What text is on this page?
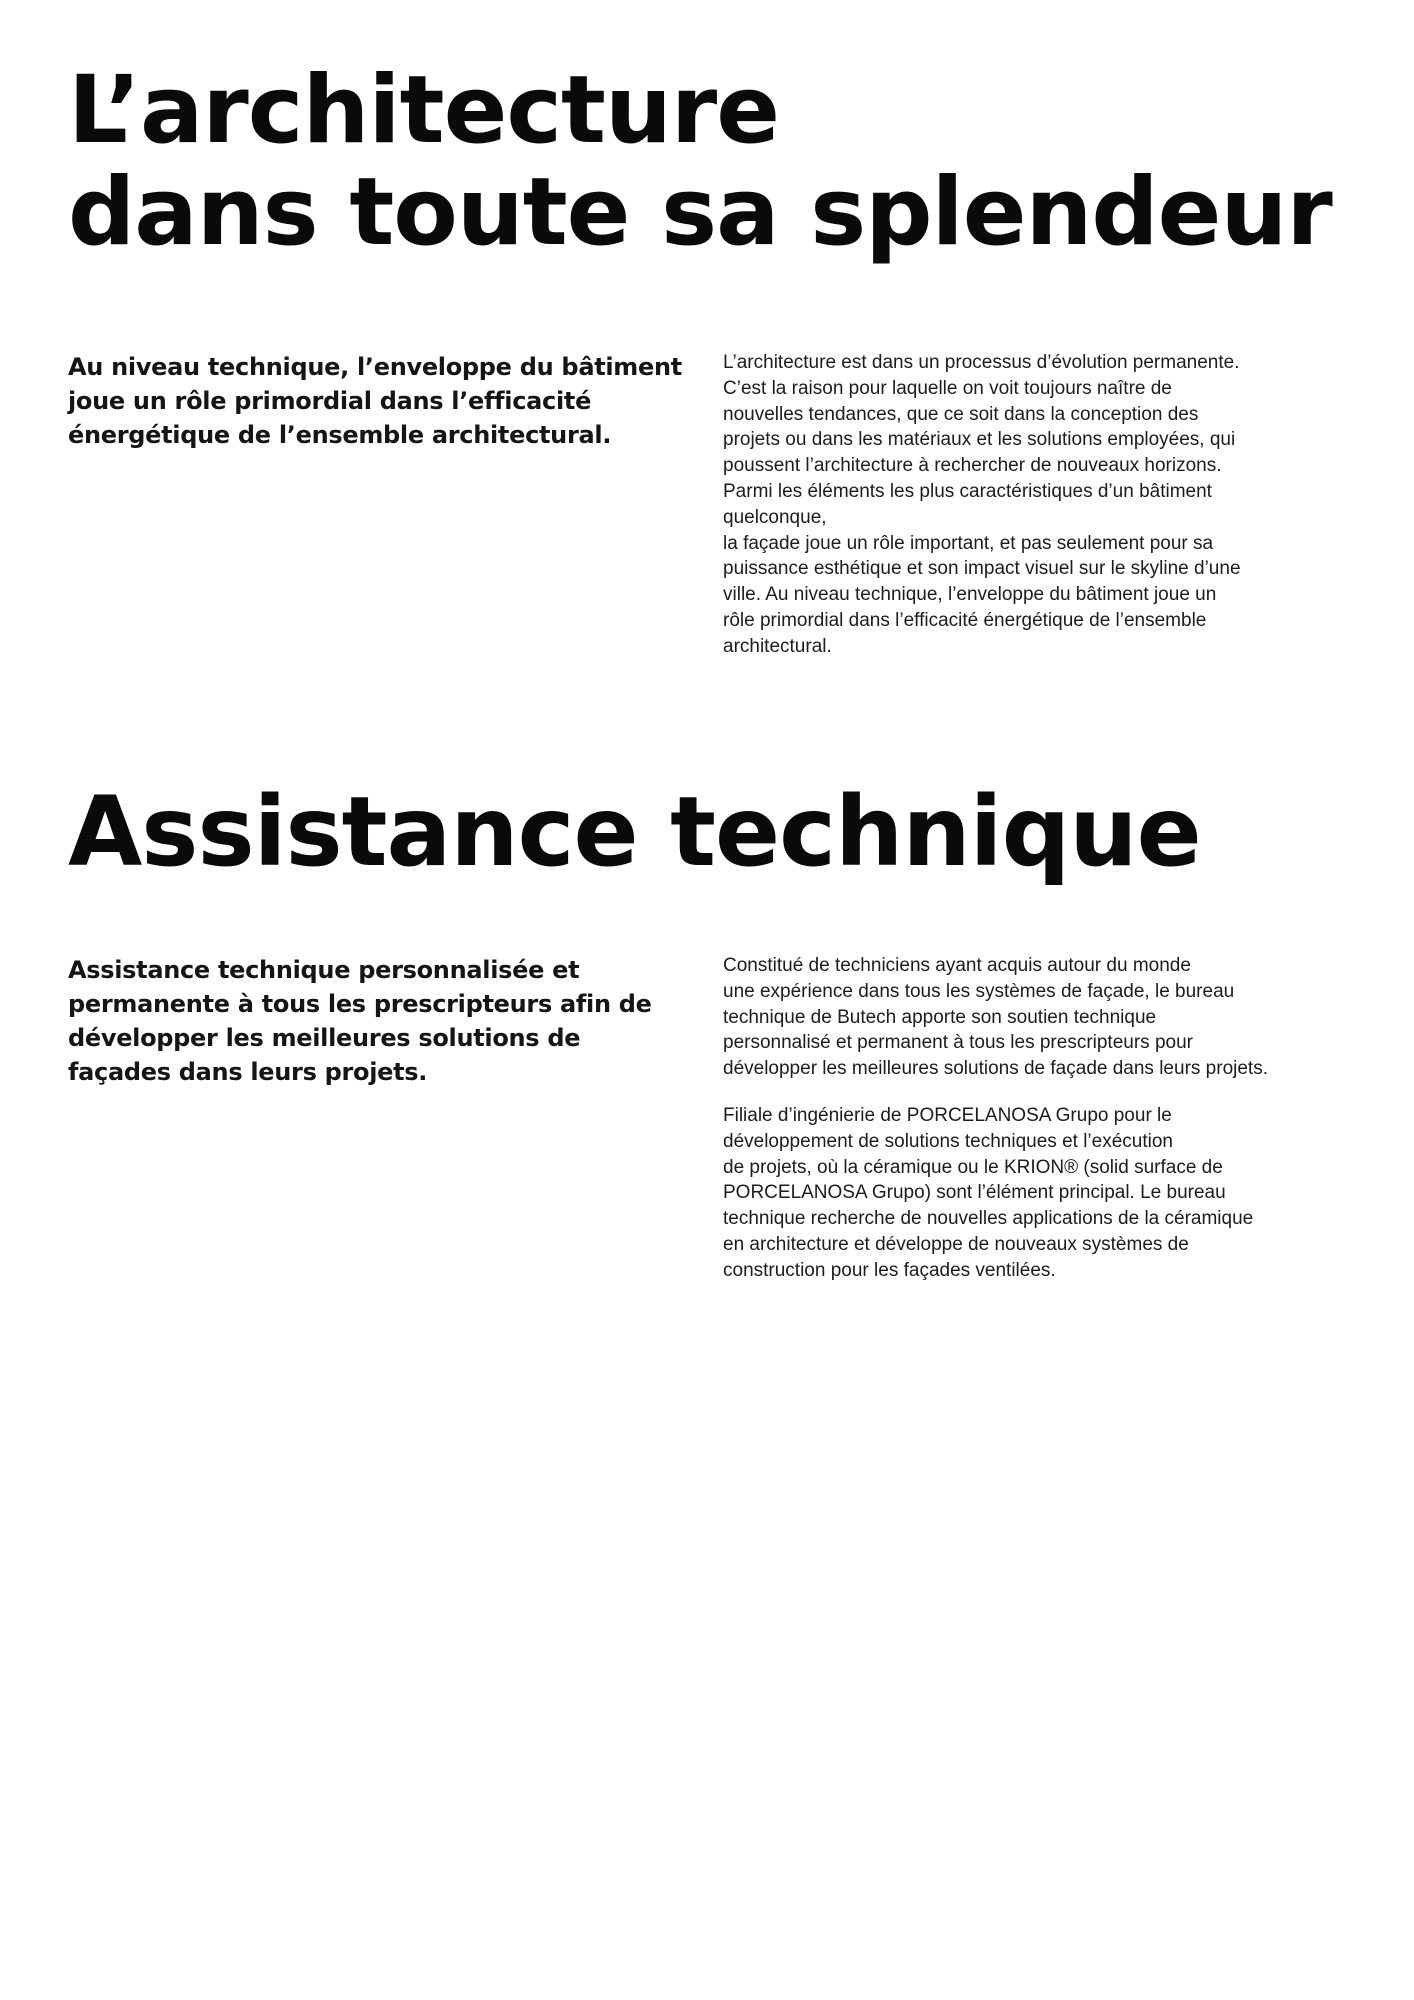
L’architecture
dans toute sa splendeur
Au niveau technique, l’enveloppe du bâtiment
joue un rôle primordial dans l’efficacité
énergétique de l’ensemble architectural.
L’architecture est dans un processus d’évolution permanente.
C’est la raison pour laquelle on voit toujours naître de
nouvelles tendances, que ce soit dans la conception des
projets ou dans les matériaux et les solutions employées, qui
poussent l’architecture à rechercher de nouveaux horizons.
Parmi les éléments les plus caractéristiques d’un bâtiment
quelconque,
la façade joue un rôle important, et pas seulement pour sa
puissance esthétique et son impact visuel sur le skyline d’une
ville. Au niveau technique, l’enveloppe du bâtiment joue un
rôle primordial dans l’efficacité énergétique de l’ensemble
architectural.
Assistance technique
Assistance technique personnalisée et
permanente à tous les prescripteurs afin de
développer les meilleures solutions de
façades dans leurs projets.
Constitué de techniciens ayant acquis autour du monde
une expérience dans tous les systèmes de façade, le bureau
technique de Butech apporte son soutien technique
personnalisé et permanent à tous les prescripteurs pour
développer les meilleures solutions de façade dans leurs projets.
Filiale d’ingénierie de PORCELANOSA Grupo pour le
développement de solutions techniques et l’exécution
de projets, où la céramique ou le KRION® (solid surface de
PORCELANOSA Grupo) sont l’élément principal. Le bureau
technique recherche de nouvelles applications de la céramique
en architecture et développe de nouveaux systèmes de
construction pour les façades ventilées.
